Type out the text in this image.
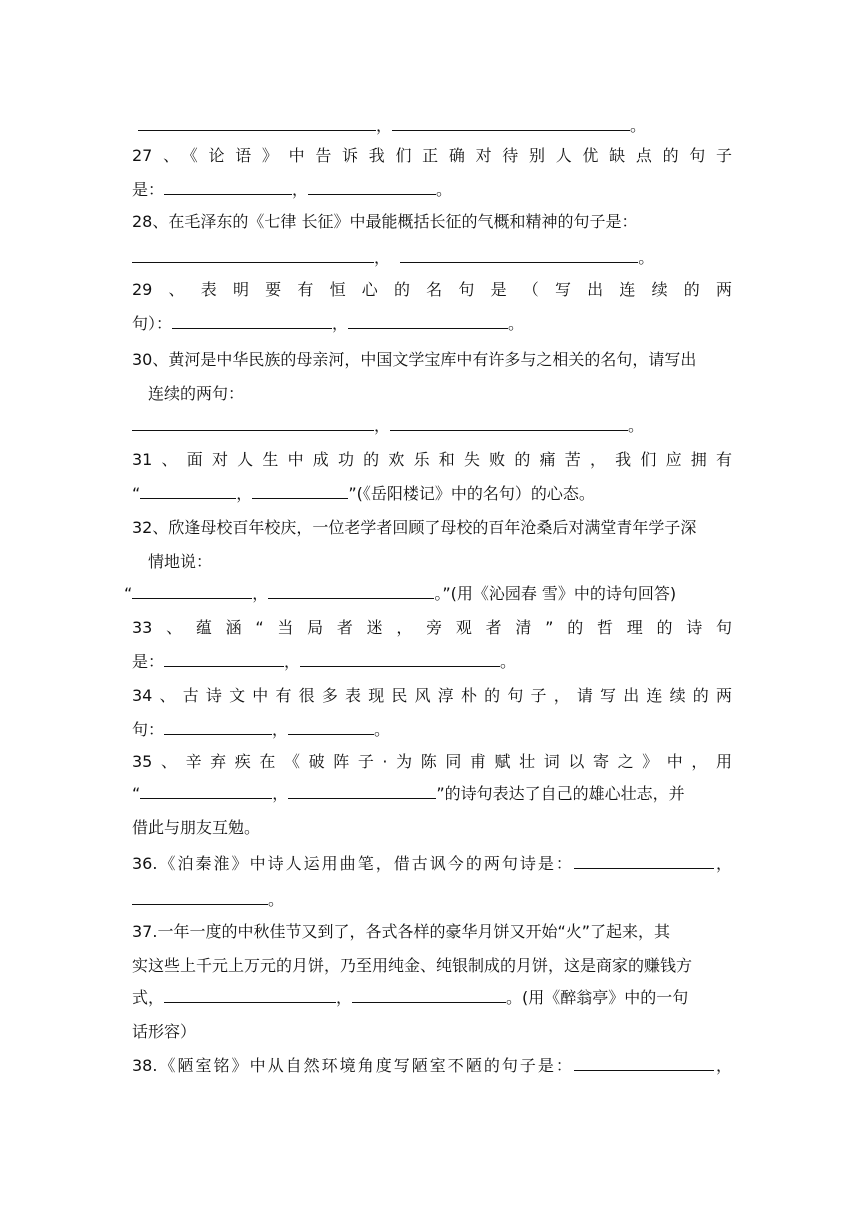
，	。
27、《论语》中告诉我们正确对待别人优缺点的句子
是：	，	。
28、在毛泽东的《七律 长征》中最能概括长征的气概和精神的句子是：
，	。
29、表明要有恒心的名句是（写出连续的两
句）：	，	。
30、黄河是中华民族的母亲河，中国文学宝库中有许多与之相关的名句，请写出
连续的两句：
，	。
31、面对人生中成功的欢乐和失败的痛苦，我们应拥有
“	，	”(《岳阳楼记》中的名句）的心态。
32、欣逢母校百年校庆，一位老学者回顾了母校的百年沧桑后对满堂青年学子深
情地说：
“	，	。”(用《沁园春 雪》中的诗句回答)
33、蕴涵“当局者迷，旁观者清”的哲理的诗句
是：	，	。
34、古诗文中有很多表现民风淳朴的句子，请写出连续的两
句：	，	。
35、辛弃疾在《破阵子·为陈同甫赋壮词以寄之》中，用
“	，	”的诗句表达了自己的雄心壮志，并
借此与朋友互勉。
36.《泊秦淮》中诗人运用曲笔，借古讽今的两句诗是：	，
。
37.一年一度的中秋佳节又到了，各式各样的豪华月饼又开始“火”了起来，其
实这些上千元上万元的月饼，乃至用纯金、纯银制成的月饼，这是商家的赚钱方
式，	，	。(用《醉翁亭》中的一句
话形容）
38.《陋室铭》中从自然环境角度写陋室不陋的句子是：	，
